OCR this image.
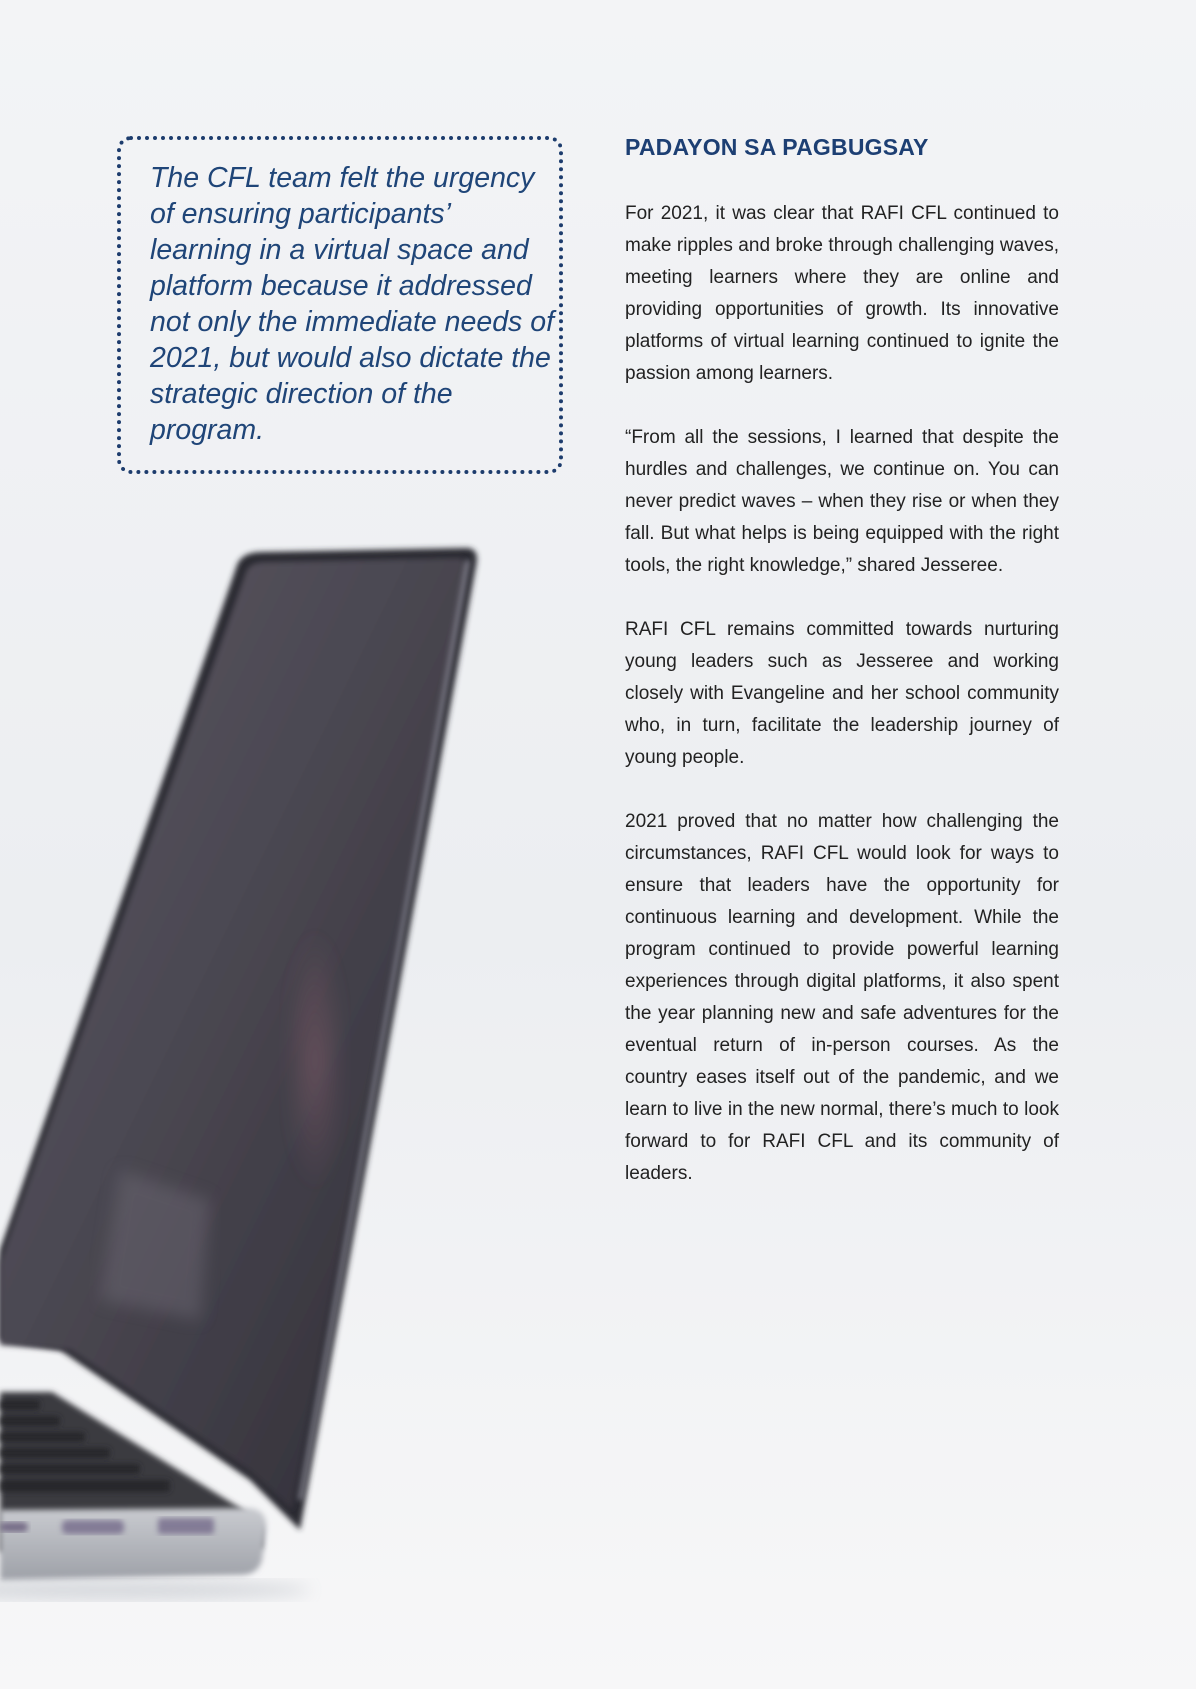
The CFL team felt the urgency of ensuring participants’ learning in a virtual space and platform because it addressed not only the immediate needs of 2021, but would also dictate the strategic direction of the program.
PADAYON SA PAGBUGSAY

For 2021, it was clear that RAFI CFL continued to make ripples and broke through challenging waves, meeting learners where they are online and providing opportunities of growth. Its innovative platforms of virtual learning continued to ignite the passion among learners.

“From all the sessions, I learned that despite the hurdles and challenges, we continue on. You can never predict waves – when they rise or when they fall. But what helps is being equipped with the right tools, the right knowledge,” shared Jesseree.

RAFI CFL remains committed towards nurturing young leaders such as Jesseree and working closely with Evangeline and her school community who, in turn, facilitate the leadership journey of young people.

2021 proved that no matter how challenging the circumstances, RAFI CFL would look for ways to ensure that leaders have the opportunity for continuous learning and development. While the program continued to provide powerful learning experiences through digital platforms, it also spent the year planning new and safe adventures for the eventual return of in-person courses. As the country eases itself out of the pandemic, and we learn to live in the new normal, there’s much to look forward to for RAFI CFL and its community of leaders.
